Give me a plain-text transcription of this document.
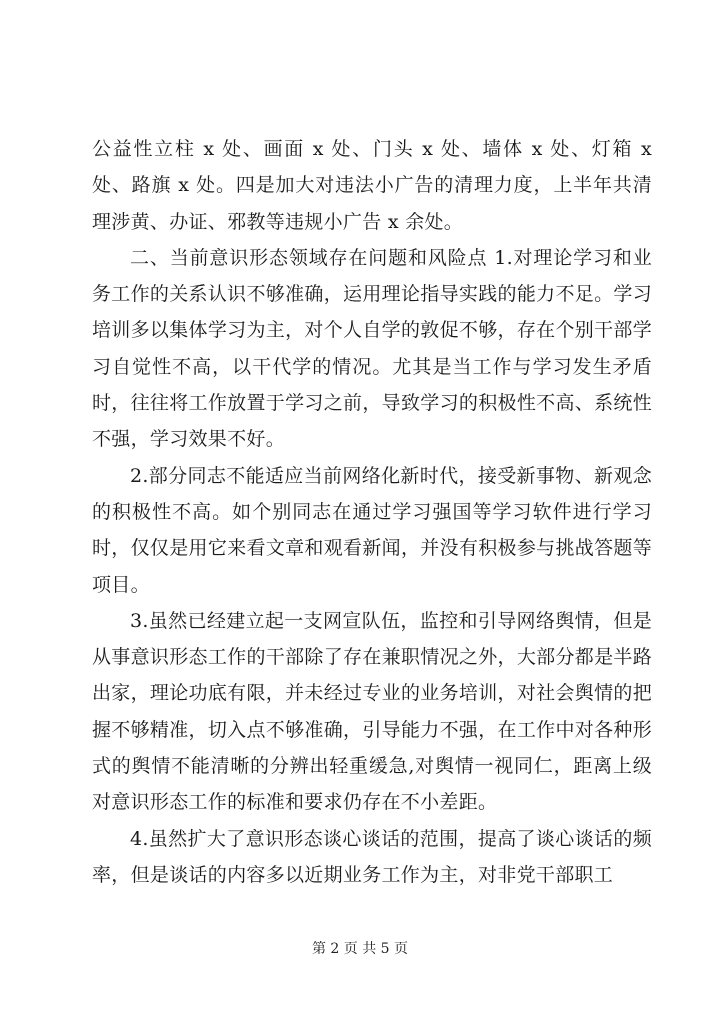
公益性立柱 x 处、画面 x 处、门头 x 处、墙体 x 处、灯箱 x 处、路旗 x 处。四是加大对违法小广告的清理力度，上半年共清理涉黄、办证、邪教等违规小广告 x 余处。

二、当前意识形态领域存在问题和风险点 1.对理论学习和业务工作的关系认识不够准确，运用理论指导实践的能力不足。学习培训多以集体学习为主，对个人自学的敦促不够，存在个别干部学习自觉性不高，以干代学的情况。尤其是当工作与学习发生矛盾时，往往将工作放置于学习之前，导致学习的积极性不高、系统性不强，学习效果不好。

2.部分同志不能适应当前网络化新时代，接受新事物、新观念的积极性不高。如个别同志在通过学习强国等学习软件进行学习时，仅仅是用它来看文章和观看新闻，并没有积极参与挑战答题等项目。

3.虽然已经建立起一支网宣队伍，监控和引导网络舆情，但是从事意识形态工作的干部除了存在兼职情况之外，大部分都是半路出家，理论功底有限，并未经过专业的业务培训，对社会舆情的把握不够精准，切入点不够准确，引导能力不强，在工作中对各种形式的舆情不能清晰的分辨出轻重缓急,对舆情一视同仁，距离上级对意识形态工作的标准和要求仍存在不小差距。

4.虽然扩大了意识形态谈心谈话的范围，提高了谈心谈话的频率，但是谈话的内容多以近期业务工作为主，对非党干部职工

第 2 页 共 5 页
